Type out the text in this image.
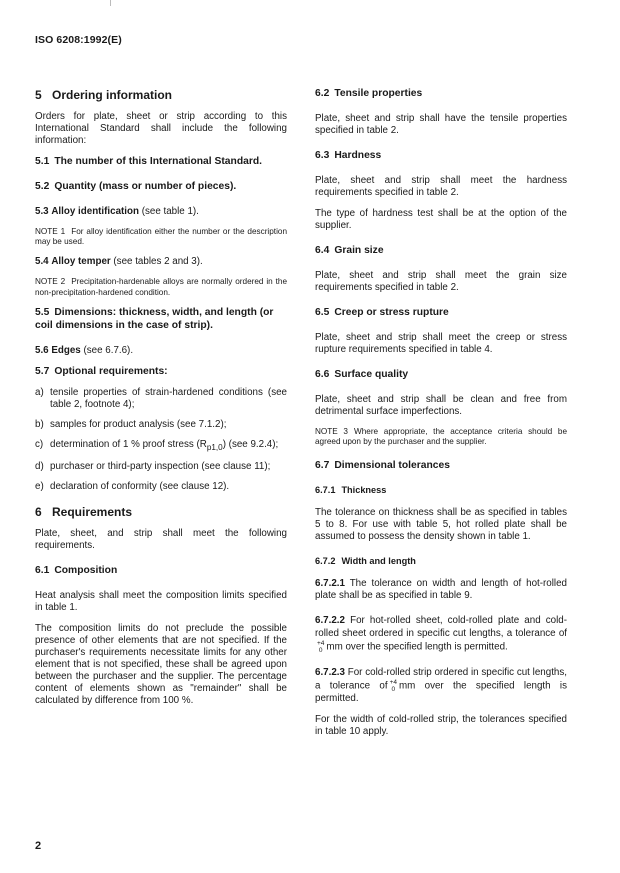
ISO 6208:1992(E)
5 Ordering information

Orders for plate, sheet or strip according to this International Standard shall include the following information:

5.1 The number of this International Standard.
5.2 Quantity (mass or number of pieces).

5.3 Alloy identification (see table 1).

NOTE 1 For alloy identification either the number or the description may be used.

5.4 Alloy temper (see tables 2 and 3).

NOTE 2 Precipitation-hardenable alloys are normally ordered in the non-precipitation-hardened condition.
5.5 Dimensions: thickness, width, and length (or coil dimensions in the case of strip).

5.6 Edges (see 6.7.6).

5.7 Optional requirements:
a) tensile properties of strain-hardened conditions (see table 2, footnote 4);
b) samples for product analysis (see 7.1.2);
c) determination of 1 % proof stress $(R_{p1,0})$ (see 9.2.4);
d) purchaser or third-party inspection (see clause 11);
e) declaration of conformity (see clause 12).
6 Requirements

Plate, sheet, and strip shall meet the following requirements.

6.1 Composition

Heat analysis shall meet the composition limits specified in table 1.

The composition limits do not preclude the possible presence of other elements that are not specified. If the purchaser's requirements necessitate limits for any other element that is not specified, these shall be agreed upon between the purchaser and the supplier. The percentage content of elements shown as "remainder" shall be calculated by difference from 100 %.

6.2 Tensile properties

Plate, sheet and strip shall have the tensile properties specified in table 2.

6.3 Hardness

Plate, sheet and strip shall meet the hardness requirements specified in table 2.

The type of hardness test shall be at the option of the supplier.

6.4 Grain size

Plate, sheet and strip shall meet the grain size requirements specified in table 2.

6.5 Creep or stress rupture

Plate, sheet and strip shall meet the creep or stress rupture requirements specified in table 4.

6.6 Surface quality

Plate, sheet and strip shall be clean and free from detrimental surface imperfections.

NOTE 3 Where appropriate, the acceptance criteria should be agreed upon by the purchaser and the supplier.
6.7 Dimensional tolerances
6.7.1 Thickness

The tolerance on thickness shall be as specified in tables 5 to 8. For use with table 5, hot rolled plate shall be assumed to possess the density shown in table 1.

6.7.2 Width and length

6.7.2.1 The tolerance on width and length of hot-rolled plate shall be as specified in table 9.

6.7.2.2 For hot-rolled sheet, cold-rolled plate and cold-rolled sheet ordered in specific cut lengths, a tolerance of
+4
0 mm over the specified length is permitted.

6.7.2.3 For cold-rolled strip ordered in specific cut lengths, a tolerance of +4
0 mm over the specified length is permitted.

For the width of cold-rolled strip, the tolerances specified in table 10 apply.

2
